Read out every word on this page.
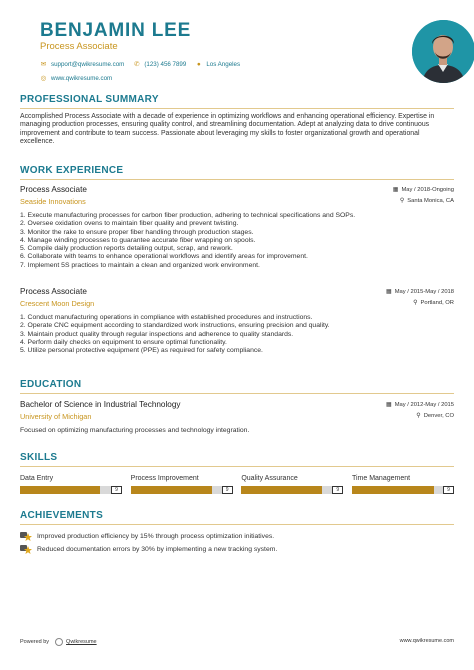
BENJAMIN LEE
Process Associate
✉ support@qwikresume.com ✆ (123) 456 7899 ● Los Angeles
◎ www.qwikresume.com
PROFESSIONAL SUMMARY
Accomplished Process Associate with a decade of experience in optimizing workflows and enhancing operational efficiency. Expertise in managing production processes, ensuring quality control, and streamlining documentation. Adept at analyzing data to drive continuous improvement and contribute to team success. Passionate about leveraging my skills to foster organizational growth and operational excellence.
WORK EXPERIENCE
Process Associate
Seaside Innovations
▦ May / 2018-Ongoing
⚲ Santa Monica, CA
1. Execute manufacturing processes for carbon fiber production, adhering to technical specifications and SOPs.
2. Oversee oxidation ovens to maintain fiber quality and prevent twisting.
3. Monitor the rake to ensure proper fiber handling through production stages.
4. Manage winding processes to guarantee accurate fiber wrapping on spools.
5. Compile daily production reports detailing output, scrap, and rework.
6. Collaborate with teams to enhance operational workflows and identify areas for improvement.
7. Implement 5S practices to maintain a clean and organized work environment.
Process Associate
Crescent Moon Design
▦ May / 2015-May / 2018
⚲ Portland, OR
1. Conduct manufacturing operations in compliance with established procedures and instructions.
2. Operate CNC equipment according to standardized work instructions, ensuring precision and quality.
3. Maintain product quality through regular inspections and adherence to quality standards.
4. Perform daily checks on equipment to ensure optimal functionality.
5. Utilize personal protective equipment (PPE) as required for safety compliance.
EDUCATION
Bachelor of Science in Industrial Technology
University of Michigan
▦ May / 2012-May / 2015
⚲ Denver, CO
Focused on optimizing manufacturing processes and technology integration.
SKILLS
Data Entry
9
Process Improvement
9
Quality Assurance
9
Time Management
9
ACHIEVEMENTS
Improved production efficiency by 15% through process optimization initiatives.
Reduced documentation errors by 30% by implementing a new tracking system.
Powered by	Qwikresume	www.qwikresume.com
